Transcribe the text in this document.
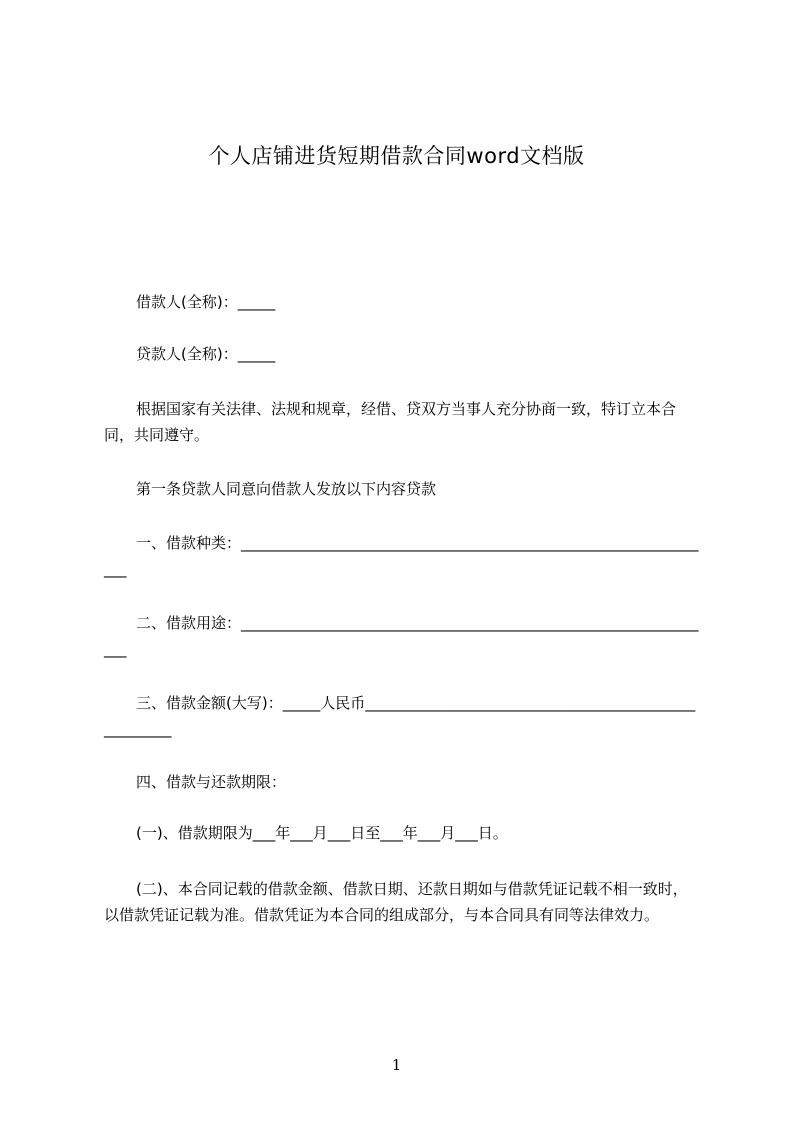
个人店铺进货短期借款合同word文档版
借款人(全称)：_____
贷款人(全称)：_____
根据国家有关法律、法规和规章，经借、贷双方当事人充分协商一致，特订立本合同，共同遵守。
第一条贷款人同意向借款人发放以下内容贷款
一、借款种类：________________________________________________________________
二、借款用途：________________________________________________________________
三、借款金额(大写)：_____人民币_____________________________________________________
四、借款与还款期限：
(一)、借款期限为___年___月___日至___年___月___日。
(二)、本合同记载的借款金额、借款日期、还款日期如与借款凭证记载不相一致时，以借款凭证记载为准。借款凭证为本合同的组成部分，与本合同具有同等法律效力。
1
